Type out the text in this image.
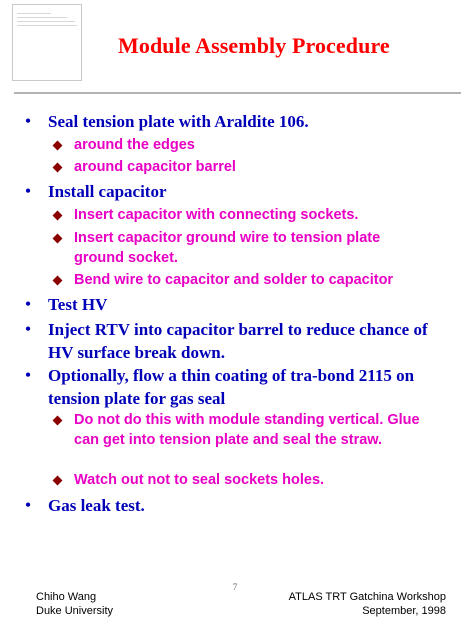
Module Assembly Procedure
• Seal tension plate with Araldite 106.
around the edges
around capacitor barrel
• Install capacitor
Insert capacitor with connecting sockets.
Insert capacitor ground wire to tension plate ground socket.
Bend wire to capacitor and solder to capacitor
• Test HV
• Inject RTV into capacitor barrel to reduce chance of HV surface break down.
• Optionally, flow a thin coating of tra-bond 2115 on tension plate for gas seal
Do not do this with module standing vertical. Glue can get into tension plate and seal the straw.
Watch out not to seal sockets holes.
• Gas leak test.
7
Chiho Wang
Duke University
ATLAS TRT Gatchina Workshop
September, 1998
